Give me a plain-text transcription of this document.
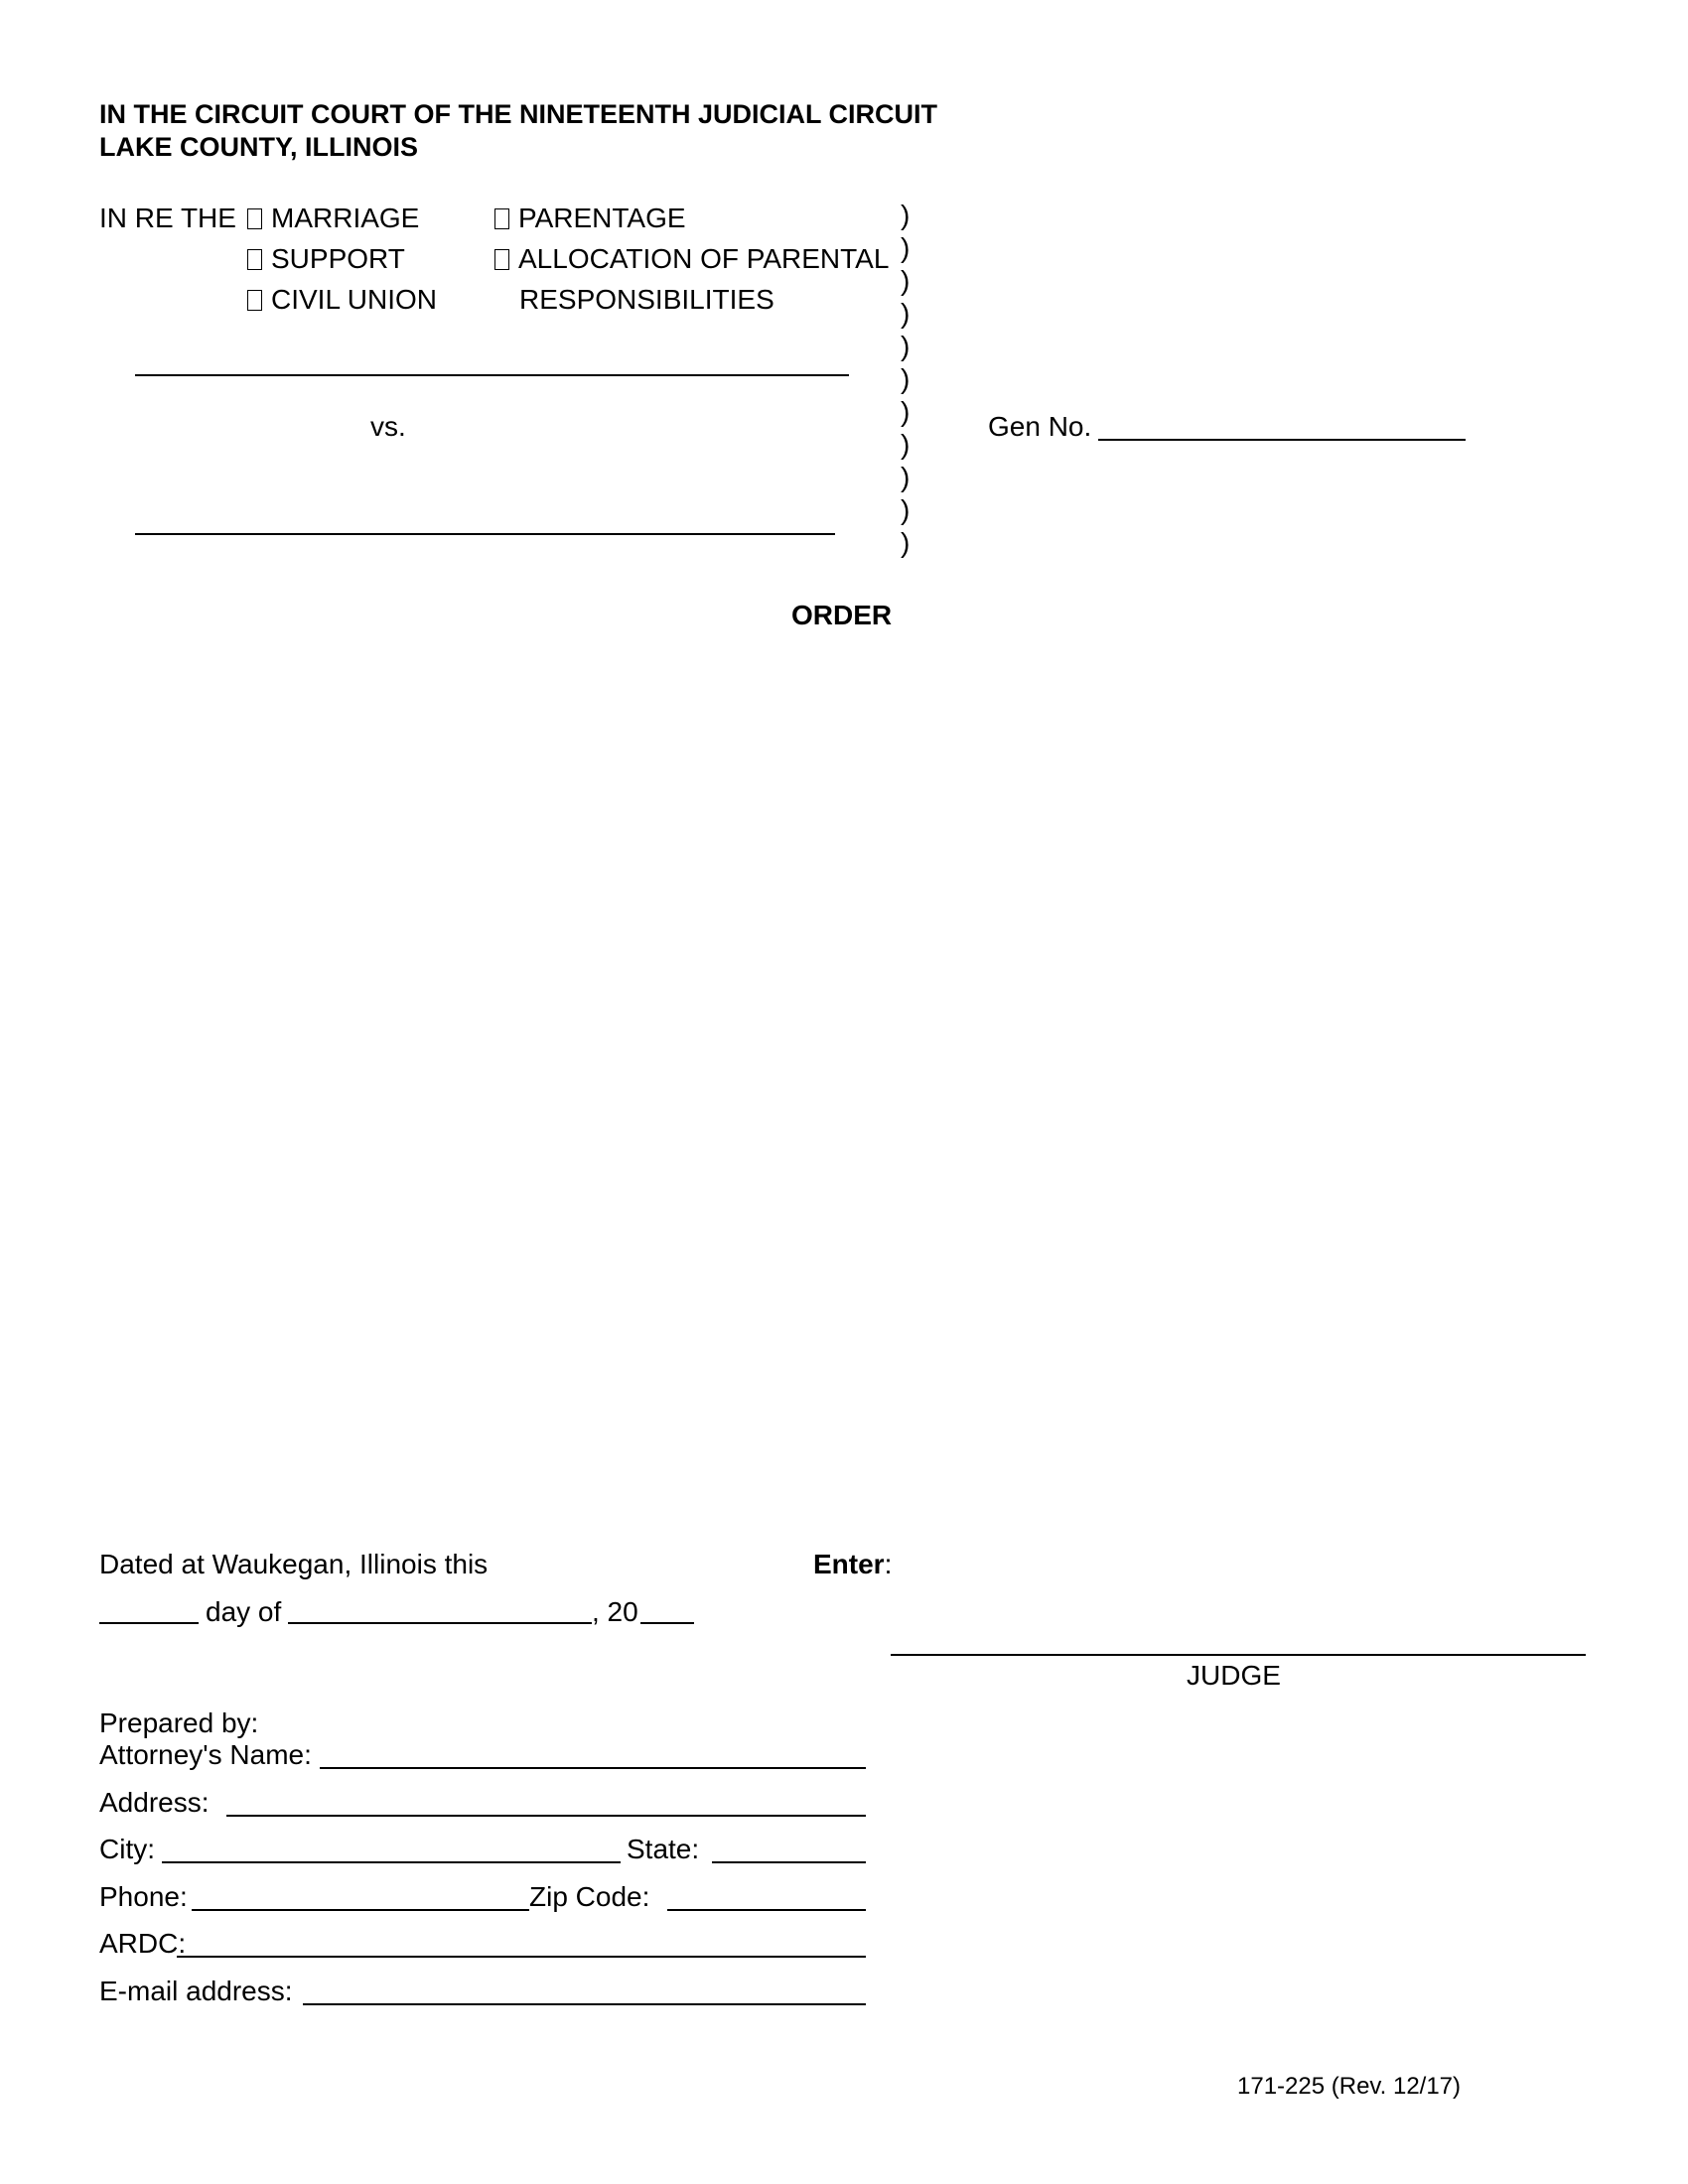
IN THE CIRCUIT COURT OF THE NINETEENTH JUDICIAL CIRCUIT
LAKE COUNTY, ILLINOIS
IN RE THE	MARRIAGE	PARENTAGE
SUPPORT	ALLOCATION OF PARENTAL
CIVIL UNION	RESPONSIBILITIES
)
)
)
)
)
)
)
)
)
)
)
vs.	Gen No.
ORDER
Dated at Waukegan, Illinois this	Enter:
day of	, 20
JUDGE
Prepared by:
Attorney's Name:
Address:
City:	State:
Phone:	Zip Code:
ARDC:
E-mail address:
171-225 (Rev. 12/17)
